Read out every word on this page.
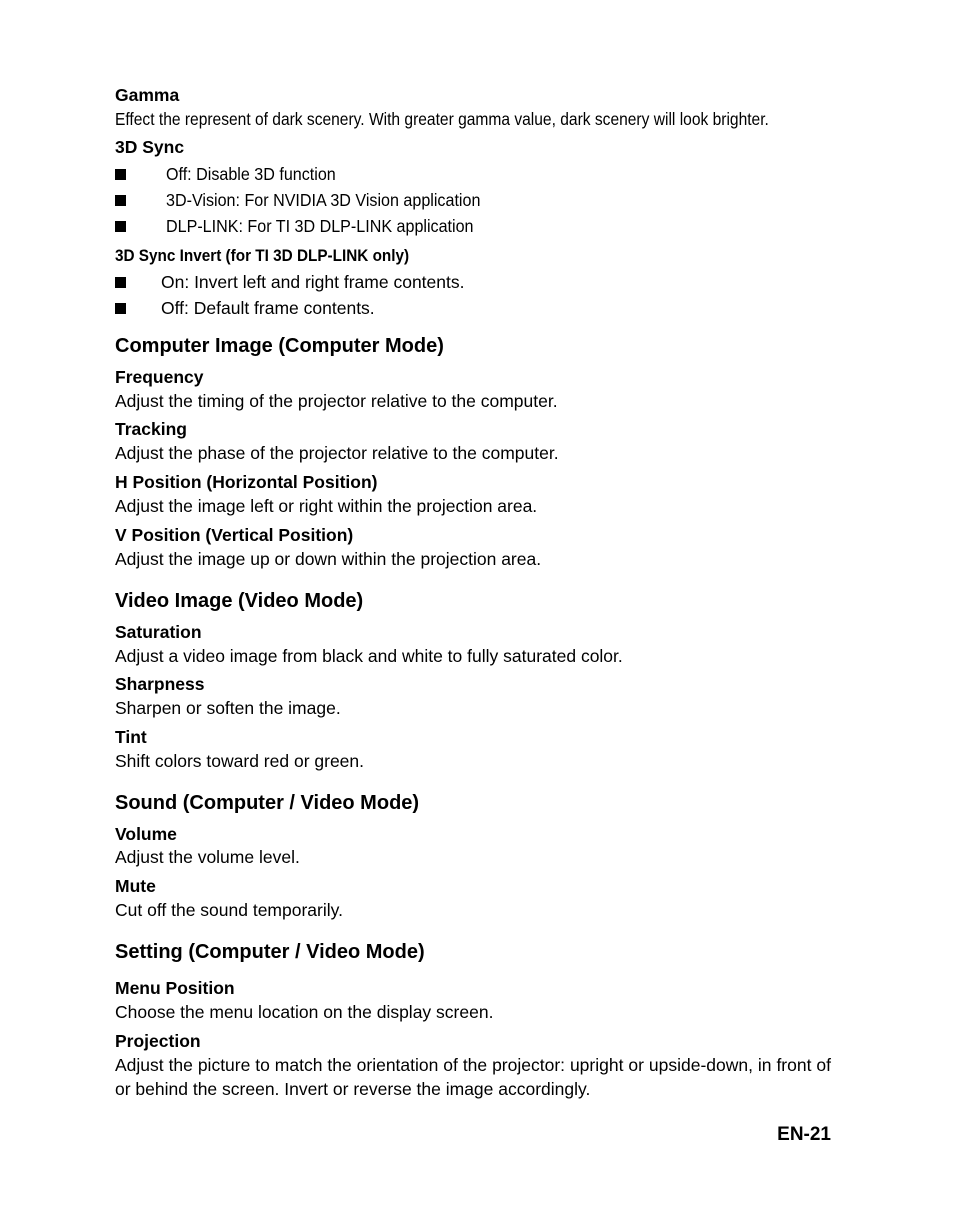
Gamma
Effect the represent of dark scenery. With greater gamma value, dark scenery will look brighter.
3D Sync
Off: Disable 3D function
3D-Vision: For NVIDIA 3D Vision application
DLP-LINK: For TI 3D DLP-LINK application
3D Sync Invert (for TI 3D DLP-LINK only)
On: Invert left and right frame contents.
Off: Default frame contents.
Computer Image (Computer Mode)
Frequency
Adjust the timing of the projector relative to the computer.
Tracking
Adjust the phase of the projector relative to the computer.
H Position (Horizontal Position)
Adjust the image left or right within the projection area.
V Position (Vertical Position)
Adjust the image up or down within the projection area.
Video Image (Video Mode)
Saturation
Adjust a video image from black and white to fully saturated color.
Sharpness
Sharpen or soften the image.
Tint
Shift colors toward red or green.
Sound (Computer / Video Mode)
Volume
Adjust the volume level.
Mute
Cut off the sound temporarily.
Setting (Computer / Video Mode)
Menu Position
Choose the menu location on the display screen.
Projection

Adjust the picture to match the orientation of the projector: upright or upside-down, in front of or behind the screen. Invert or reverse the image accordingly.

EN-21
